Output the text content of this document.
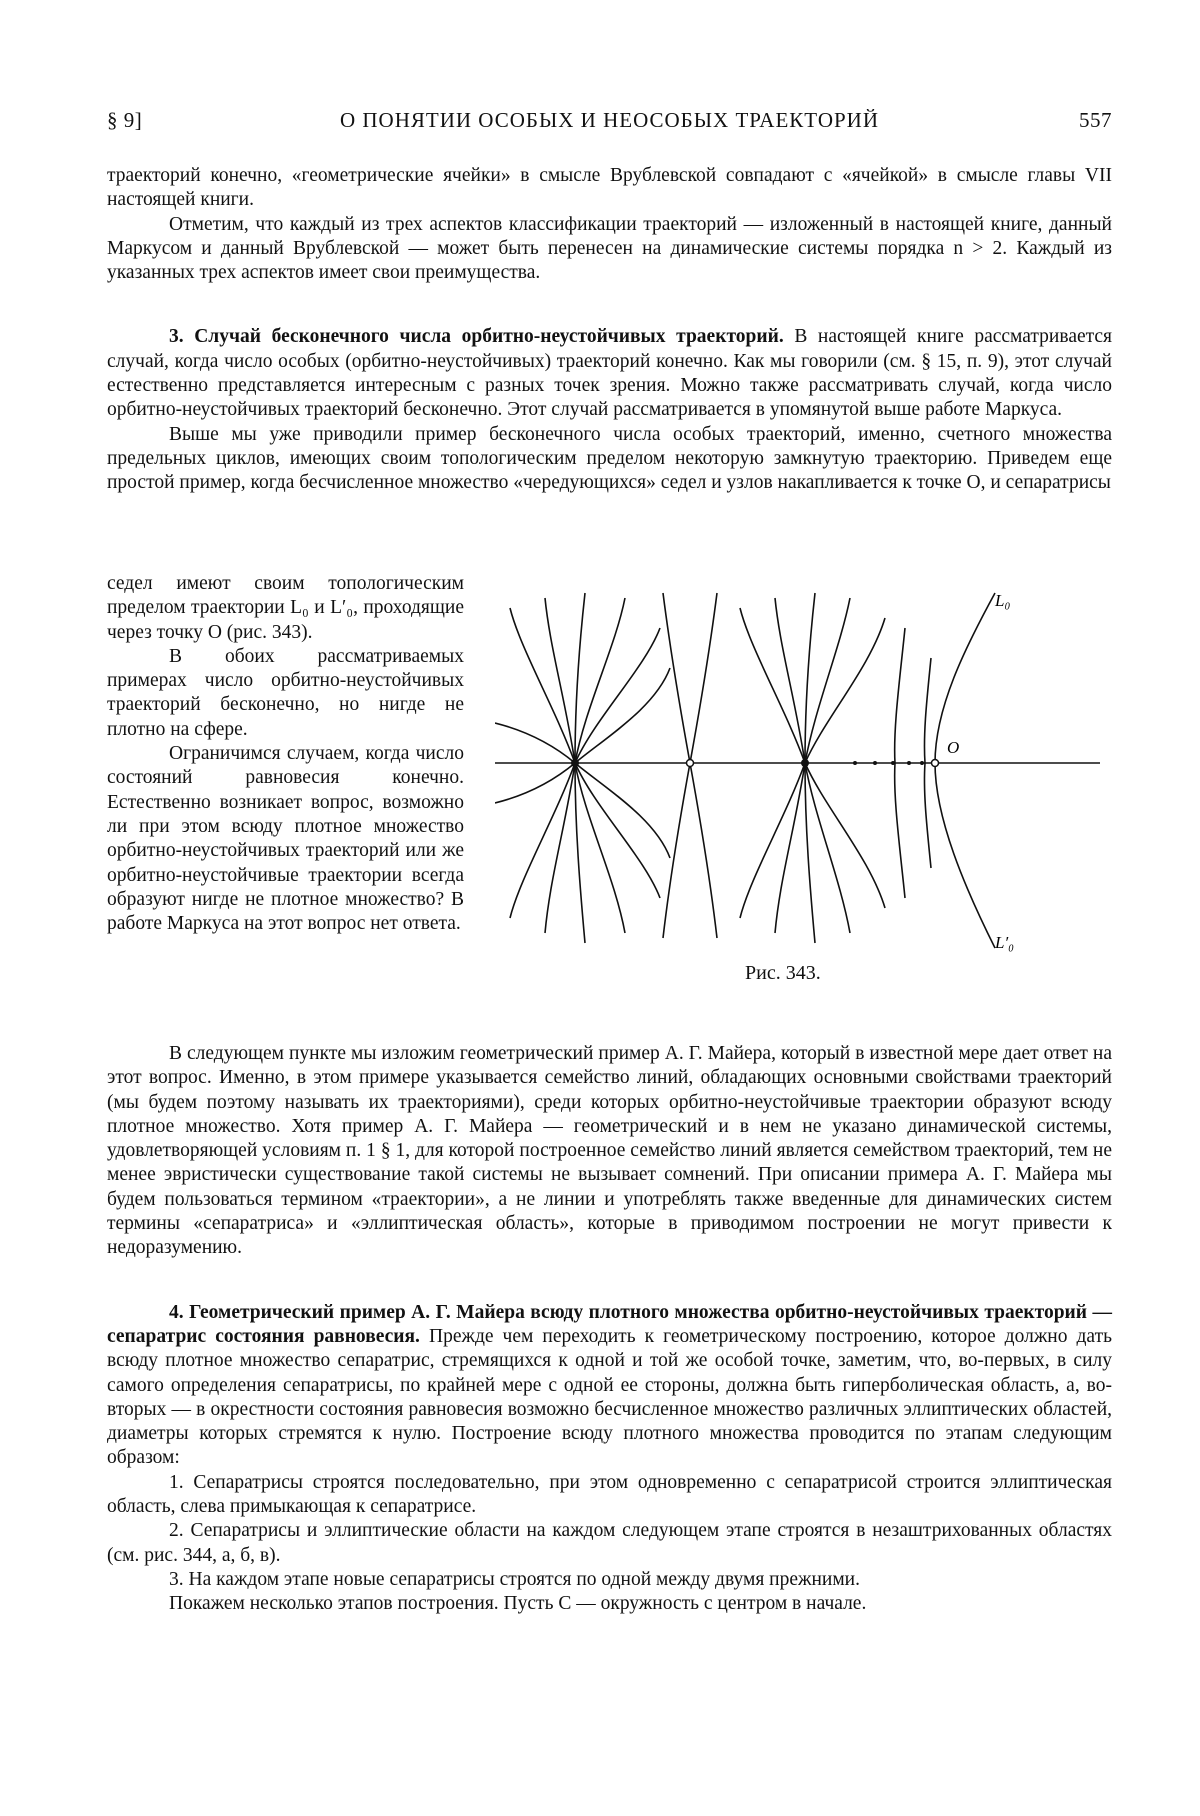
§ 9]	О ПОНЯТИИ ОСОБЫХ И НЕОСОБЫХ ТРАЕКТОРИЙ	557

траекторий конечно, «геометрические ячейки» в смысле Врублевской совпадают с «ячейкой» в смысле главы VII настоящей книги.

Отметим, что каждый из трех аспектов классификации траекторий — изложенный в настоящей книге, данный Маркусом и данный Врублевской — может быть перенесен на динамические системы порядка n > 2. Каждый из указанных трех аспектов имеет свои преимущества.

3. Случай бесконечного числа орбитно-неустойчивых траекторий. В настоящей книге рассматривается случай, когда число особых (орбитно-неустойчивых) траекторий конечно. Как мы говорили (см. § 15, п. 9), этот случай естественно представляется интересным с разных точек зрения. Можно также рассматривать случай, когда число орбитно-неустойчивых траекторий бесконечно. Этот случай рассматривается в упомянутой выше работе Маркуса.

Выше мы уже приводили пример бесконечного числа особых траекторий, именно, счетного множества предельных циклов, имеющих своим топологическим пределом некоторую замкнутую траекторию. Приведем еще простой пример, когда бесчисленное множество «чередующихся» седел и узлов накапливается к точке O, и сепаратрисы

седел имеют своим топологическим пределом траектории L₀ и L′₀, проходящие через точку O (рис. 343).

В обоих рассматриваемых примерах число орбитно-неустойчивых траекторий бесконечно, но нигде не плотно на сфере.

Ограничимся случаем, когда число состояний равновесия конечно. Естественно возникает вопрос, возможно ли при этом всюду плотное множество орбитно-неустойчивых траекторий или же орбитно-неустойчивые траектории всегда образуют нигде не плотное множество? В работе Маркуса на этот вопрос нет ответа.

L₀
L′₀
O
Рис. 343.

В следующем пункте мы изложим геометрический пример А. Г. Майера, который в известной мере дает ответ на этот вопрос. Именно, в этом примере указывается семейство линий, обладающих основными свойствами траекторий (мы будем поэтому называть их траекториями), среди которых орбитно-неустойчивые траектории образуют всюду плотное множество. Хотя пример А. Г. Майера — геометрический и в нем не указано динамической системы, удовлетворяющей условиям п. 1 § 1, для которой построенное семейство линий является семейством траекторий, тем не менее эвристически существование такой системы не вызывает сомнений. При описании примера А. Г. Майера мы будем пользоваться термином «траектории», а не линии и употреблять также введенные для динамических систем термины «сепаратриса» и «эллиптическая область», которые в приводимом построении не могут привести к недоразумению.

4. Геометрический пример А. Г. Майера всюду плотного множества орбитно-неустойчивых траекторий — сепаратрис состояния равновесия. Прежде чем переходить к геометрическому построению, которое должно дать всюду плотное множество сепаратрис, стремящихся к одной и той же особой точке, заметим, что, во-первых, в силу самого определения сепаратрисы, по крайней мере с одной ее стороны, должна быть гиперболическая область, а, во-вторых — в окрестности состояния равновесия возможно бесчисленное множество различных эллиптических областей, диаметры которых стремятся к нулю. Построение всюду плотного множества проводится по этапам следующим образом:

1. Сепаратрисы строятся последовательно, при этом одновременно с сепаратрисой строится эллиптическая область, слева примыкающая к сепаратрисе.

2. Сепаратрисы и эллиптические области на каждом следующем этапе строятся в незаштрихованных областях (см. рис. 344, а, б, в).

3. На каждом этапе новые сепаратрисы строятся по одной между двумя прежними.

Покажем несколько этапов построения. Пусть C — окружность с центром в начале.
